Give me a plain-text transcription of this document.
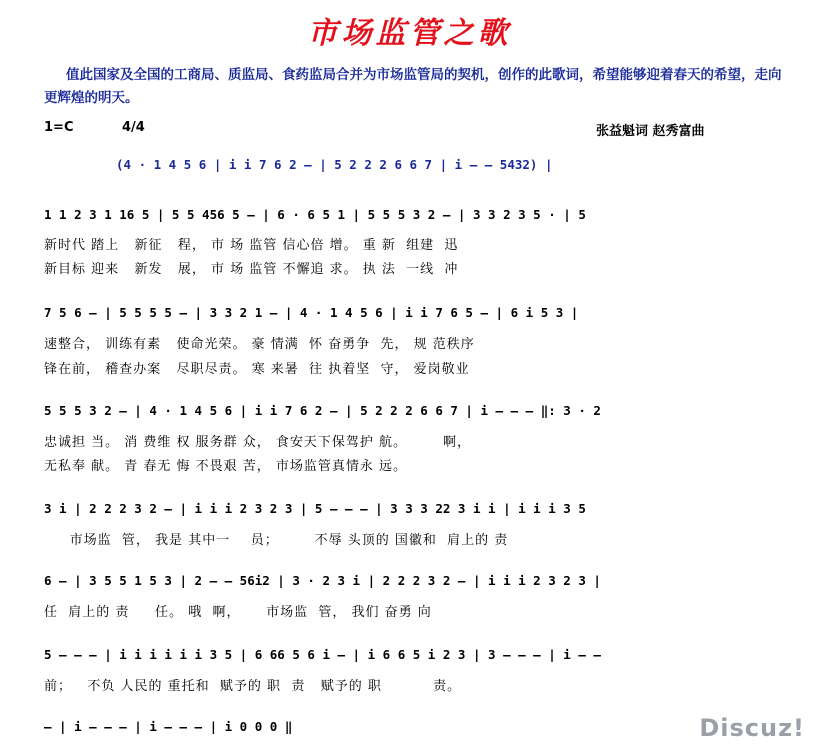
市场监管之歌
值此国家及全国的工商局、质监局、食药监局合并为市场监管局的契机，创作的此歌词，希望能够迎着春天的希望，走向更辉煌的明天。
1=C	4/4	张益魁词 赵秀富曲
(4 · 1 4 5 6 | i i 7 6 2 — | 5 2 2 2 6 6 7 | i — — 5432) |
1 1 2 3 1 16 5 | 5 5 456 5 — | 6 · 6 5 1 | 5 5 5 3 2 — | 3 3 2 3 5 · | 5
新时代 踏上   新征   程， 市 场 监管 信心倍 增。 重 新  组建  迅
新目标 迎来   新发   展， 市 场 监管 不懈追 求。 执 法  一线  冲
7 5 6 — | 5 5 5 5 — | 3 3 2 1 — | 4 · 1 4 5 6 | i i 7 6 5 — | 6 i 5 3 |
速整合， 训练有素   使命光荣。 豪 情满  怀 奋勇争  先， 规 范秩序
锋在前， 稽查办案   尽职尽责。 寒 来暑  往 执着坚  守， 爱岗敬业
5 5 5 3 2 — | 4 · 1 4 5 6 | i i 7 6 2 — | 5 2 2 2 6 6 7 | i — — — ‖: 3 · 2
忠诚担 当。 消 费维 权 服务群 众， 食安天下保驾护 航。       啊，
无私奉 献。 青 春无 悔 不畏艰 苦， 市场监管真情永 远。
3 i | 2 2 2 3 2 — | i i i 2 3 2 3 | 5 — — — | 3 3 3 22 3 i i | i i i 3 5
市场监  管， 我是 其中一    员；       不辱 头顶的 国徽和  肩上的 责
6 — | 3 5 5 1 5 3 | 2 — — 56i2 | 3 · 2 3 i | 2 2 2 3 2 — | i i i 2 3 2 3 |
任  肩上的 责     任。 哦  啊，     市场监  管， 我们 奋勇 向
5 — — — | i i i i i i 3 5 | 6 66 5 6 i — | i 6 6 5 i 2 3 | 3 — — — | i — —
前；   不负 人民的 重托和  赋予的 职  责   赋予的 职          责。
— | i — — — | i — — — | i 0 0 0 ‖	Discuz!
